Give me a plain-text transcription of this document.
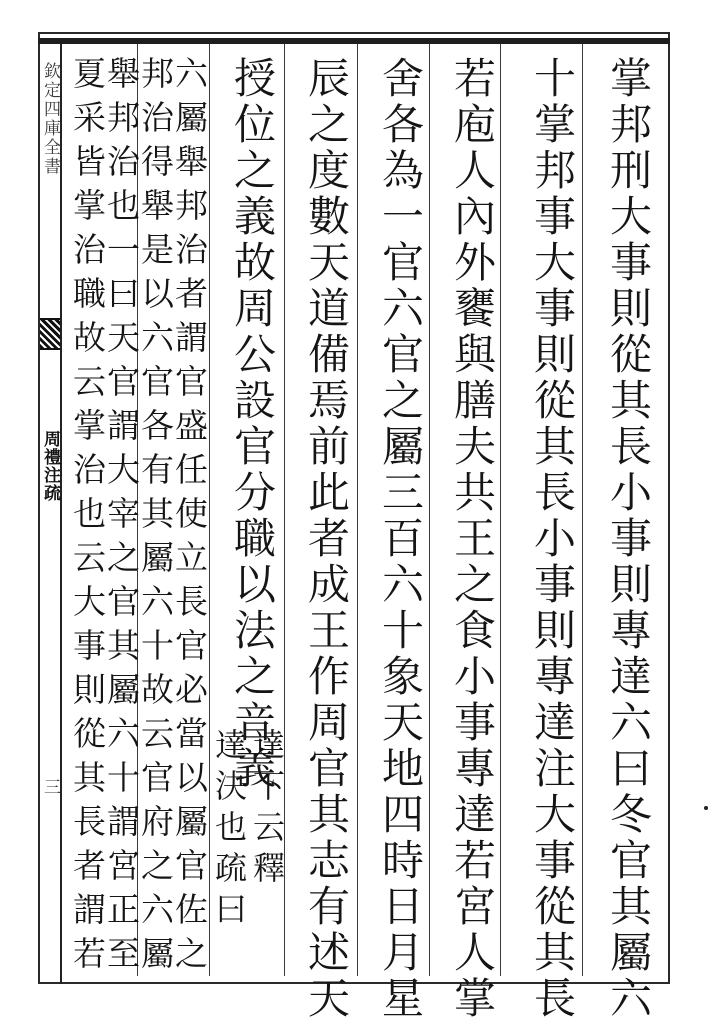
欽定四庫全書
周禮注疏
三	掌邦刑大事則從其長小事則專達六曰冬官其屬六
十掌邦事大事則從其長小事則專達注大事從其長
若庖人內外饔與膳夫共王之食小事專達若宮人掌
舍各為一官六官之屬三百六十象天地四時日月星
辰之度數天道備焉前此者成王作周官其志有述天
授位之義故周公設官分職以法之音義
達下云釋
達決也疏曰
六屬舉邦治者謂官盛任使立長官必當以屬官佐之
邦治得舉是以六官各有其屬六十故云官府之六屬
舉邦治也一曰天官謂大宰之官其屬六十謂宮正至
夏采皆掌治職故云掌治也云大事則從其長者謂若
